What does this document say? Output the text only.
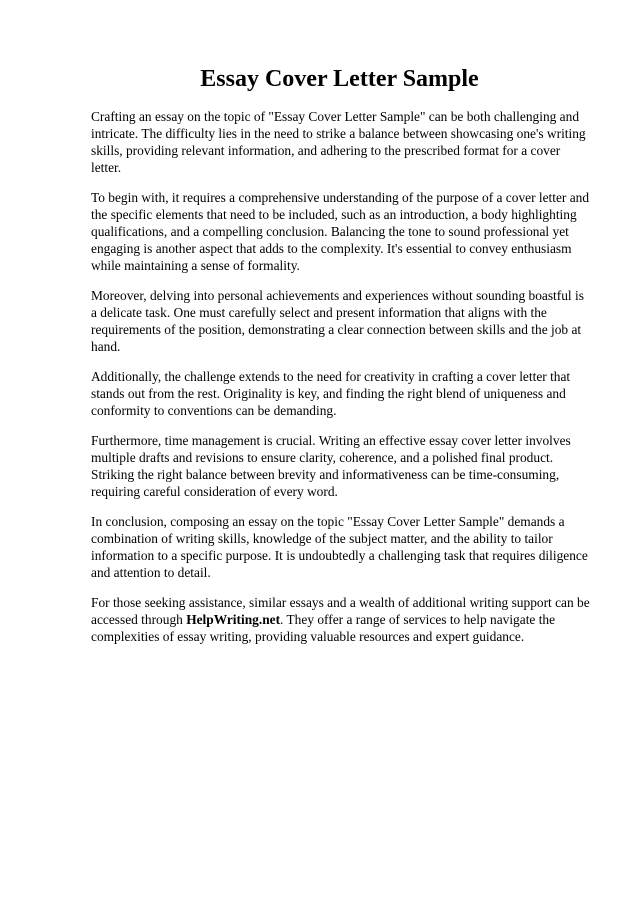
Essay Cover Letter Sample

Crafting an essay on the topic of "Essay Cover Letter Sample" can be both challenging and intricate. The difficulty lies in the need to strike a balance between showcasing one's writing skills, providing relevant information, and adhering to the prescribed format for a cover letter.

To begin with, it requires a comprehensive understanding of the purpose of a cover letter and the specific elements that need to be included, such as an introduction, a body highlighting qualifications, and a compelling conclusion. Balancing the tone to sound professional yet engaging is another aspect that adds to the complexity. It's essential to convey enthusiasm while maintaining a sense of formality.

Moreover, delving into personal achievements and experiences without sounding boastful is a delicate task. One must carefully select and present information that aligns with the requirements of the position, demonstrating a clear connection between skills and the job at hand.

Additionally, the challenge extends to the need for creativity in crafting a cover letter that stands out from the rest. Originality is key, and finding the right blend of uniqueness and conformity to conventions can be demanding.

Furthermore, time management is crucial. Writing an effective essay cover letter involves multiple drafts and revisions to ensure clarity, coherence, and a polished final product. Striking the right balance between brevity and informativeness can be time-consuming, requiring careful consideration of every word.

In conclusion, composing an essay on the topic "Essay Cover Letter Sample" demands a combination of writing skills, knowledge of the subject matter, and the ability to tailor information to a specific purpose. It is undoubtedly a challenging task that requires diligence and attention to detail.

For those seeking assistance, similar essays and a wealth of additional writing support can be accessed through HelpWriting.net. They offer a range of services to help navigate the complexities of essay writing, providing valuable resources and expert guidance.
